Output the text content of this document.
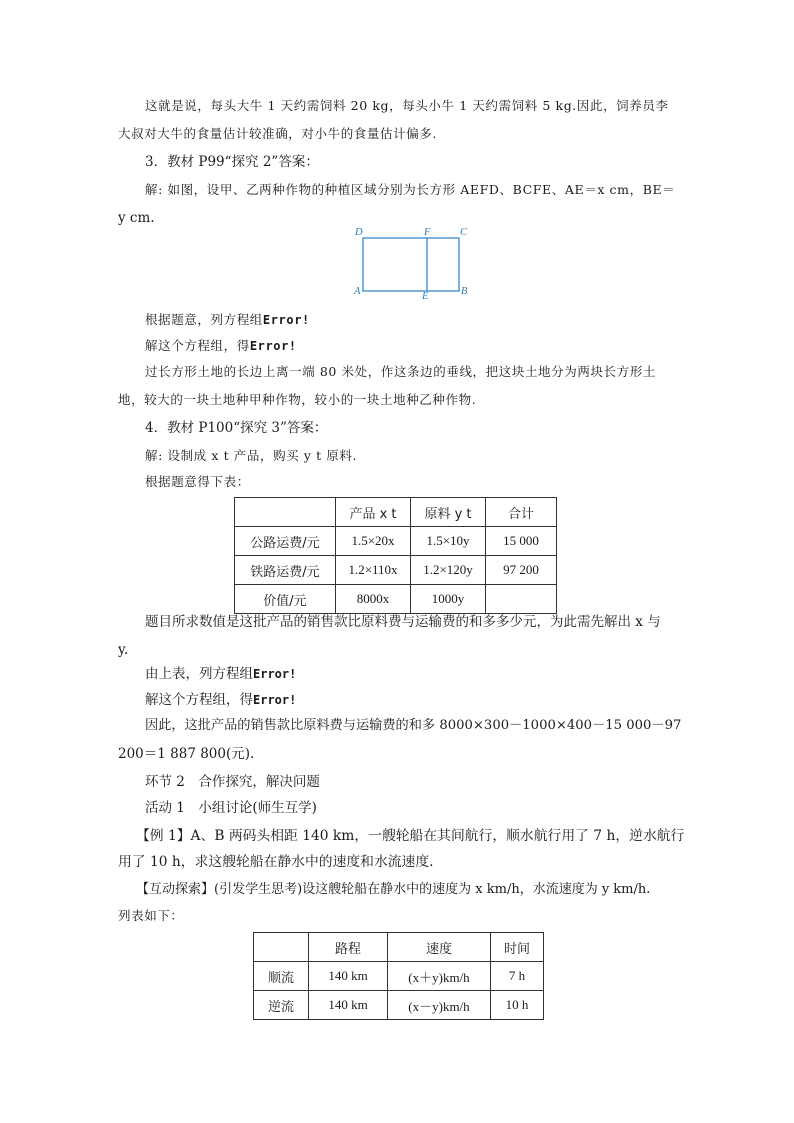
这就是说，每头大牛 1 天约需饲料 20 kg，每头小牛 1 天约需饲料 5 kg.因此，饲养员李
大叔对大牛的食量估计较准确，对小牛的食量估计偏多.
3．教材 P99“探究 2”答案：
解: 如图，设甲、乙两种作物的种植区域分别为长方形 AEFD、BCFE、AE＝x cm，BE＝
y cm.
D	F	C
A	E	B
根据题意，列方程组Error!
解这个方程组，得Error!
过长方形土地的长边上离一端 80 米处，作这条边的垂线，把这块土地分为两块长方形土
地，较大的一块土地种甲种作物，较小的一块土地种乙种作物.
4．教材 P100“探究 3”答案：
解: 设制成 x t 产品，购买 y t 原料.
根据题意得下表：
	产品 x t	原料 y t	合计
公路运费/元	1.5×20x	1.5×10y	15 000
铁路运费/元	1.2×110x	1.2×120y	97 200
价值/元	8000x	1000y	
题目所求数值是这批产品的销售款比原料费与运输费的和多多少元，为此需先解出 x 与
y.
由上表，列方程组Error!
解这个方程组，得Error!
因此，这批产品的销售款比原料费与运输费的和多 8000×300－1000×400－15 000－97
200＝1 887 800(元).
环节 2　合作探究，解决问题
活动 1　小组讨论(师生互学)
【例 1】A、B 两码头相距 140 km，一艘轮船在其间航行，顺水航行用了 7 h，逆水航行
用了 10 h，求这艘轮船在静水中的速度和水流速度.
【互动探索】(引发学生思考)设这艘轮船在静水中的速度为 x km/h，水流速度为 y km/h.
列表如下：
	路程	速度	时间
顺流	140 km	(x＋y)km/h	7 h
逆流	140 km	(x－y)km/h	10 h
